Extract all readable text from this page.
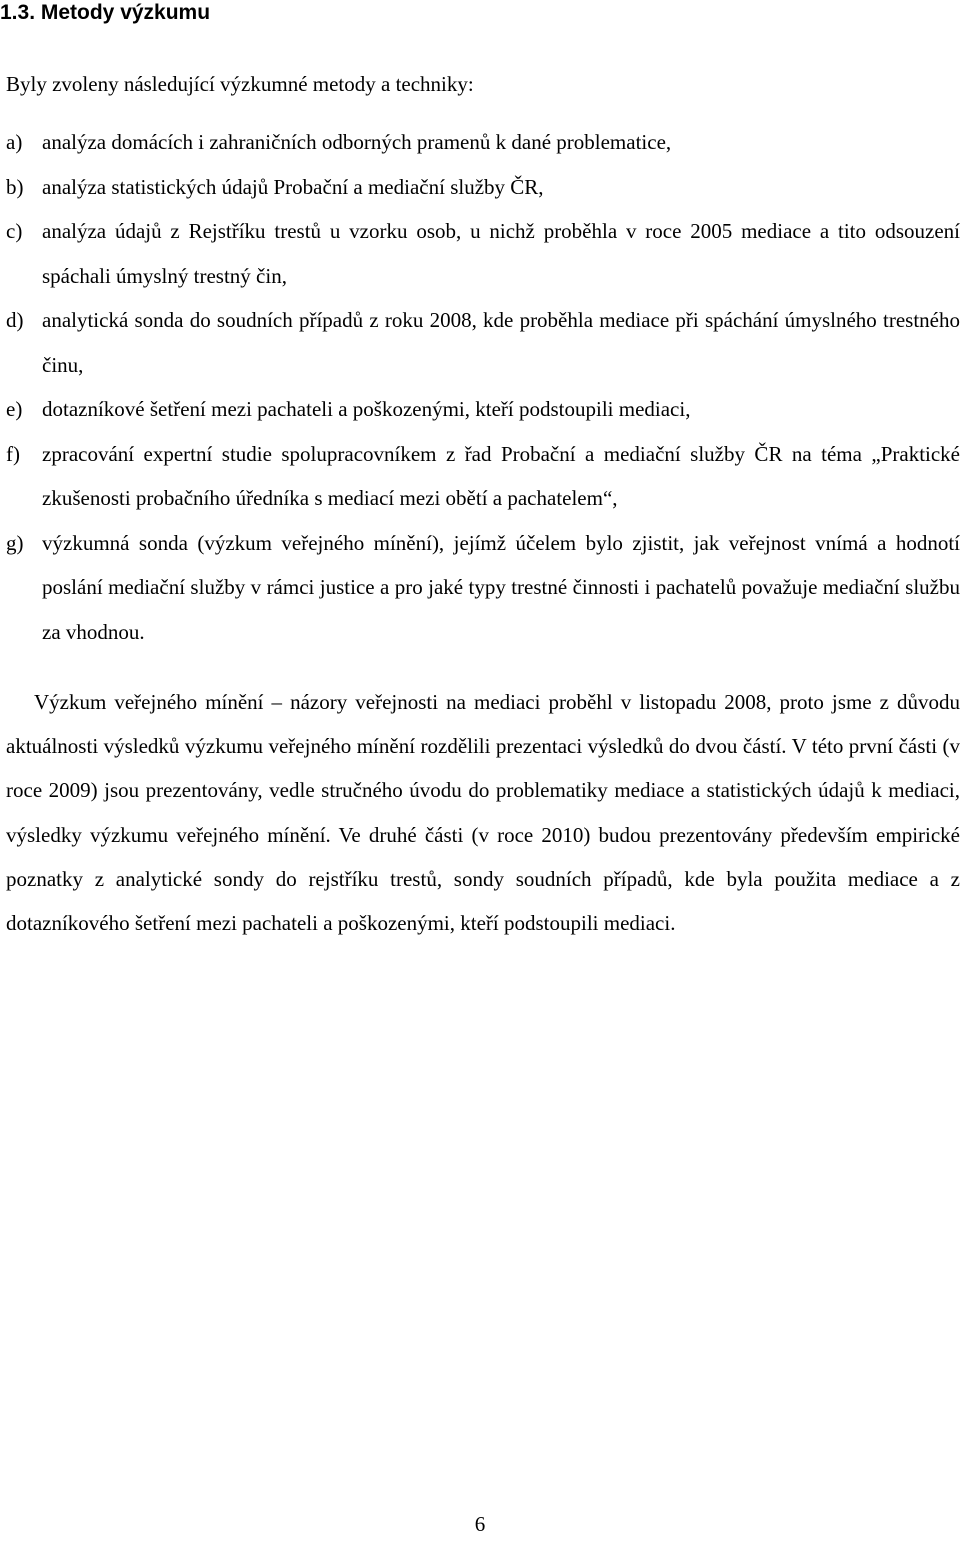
1.3. Metody výzkumu
Byly zvoleny následující výzkumné metody a techniky:
a) analýza domácích i zahraničních odborných pramenů k dané problematice,
b) analýza statistických údajů Probační a mediační služby ČR,
c) analýza údajů z Rejstříku trestů u vzorku osob, u nichž proběhla v roce 2005 mediace a tito odsouzení spáchali úmyslný trestný čin,
d) analytická sonda do soudních případů z roku 2008, kde proběhla mediace při spáchání úmyslného trestného činu,
e) dotazníkové šetření mezi pachateli a poškozenými, kteří podstoupili mediaci,
f)	zpracování expertní studie spolupracovníkem z řad Probační a mediační služby ČR na téma „Praktické zkušenosti probačního úředníka s mediací mezi obětí a pachatelem“,
g) výzkumná sonda (výzkum veřejného mínění), jejímž účelem bylo zjistit, jak veřejnost vnímá a hodnotí poslání mediační služby v rámci justice a pro jaké typy trestné činnosti i pachatelů považuje mediační službu za vhodnou.

Výzkum veřejného mínění – názory veřejnosti na mediaci proběhl v listopadu 2008, proto jsme z důvodu aktuálnosti výsledků výzkumu veřejného mínění rozdělili prezentaci výsledků do dvou částí. V této první části (v roce 2009) jsou prezentovány, vedle stručného úvodu do problematiky mediace a statistických údajů k mediaci, výsledky výzkumu veřejného mínění. Ve druhé části (v roce 2010) budou prezentovány především empirické poznatky z analytické sondy do rejstříku trestů, sondy soudních případů, kde byla použita mediace a z dotazníkového šetření mezi pachateli a poškozenými, kteří podstoupili mediaci.

6
